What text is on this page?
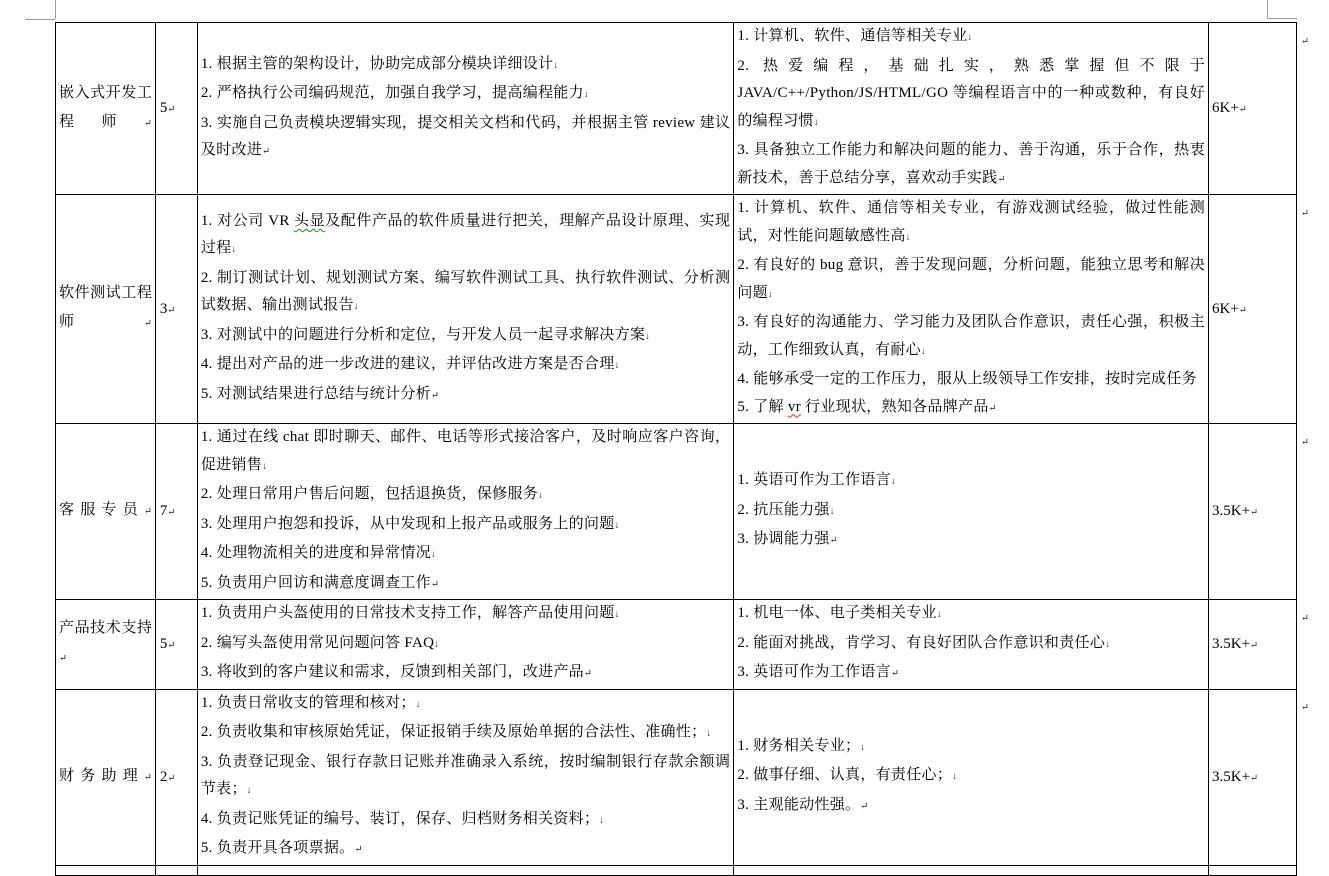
嵌入式开发工程师↵

5↵

1. 根据主管的架构设计，协助完成部分模块详细设计↓
2. 严格执行公司编码规范，加强自我学习，提高编程能力↓
3. 实施自己负责模块逻辑实现，提交相关文档和代码，并根据主管 review 建议及时改进↵

1. 计算机、软件、通信等相关专业↓
2. 热爱编程，基础扎实，熟悉掌握但不限于 JAVA/C++/Python/JS/HTML/GO 等编程语言中的一种或数种，有良好的编程习惯↓
3. 具备独立工作能力和解决问题的能力、善于沟通，乐于合作，热衷新技术，善于总结分享，喜欢动手实践↵

6K+↵

↵

软件测试工程师↵

3↵

1. 对公司 VR 头显及配件产品的软件质量进行把关，理解产品设计原理、实现过程↓
2. 制订测试计划、规划测试方案、编写软件测试工具、执行软件测试、分析测试数据、输出测试报告↓
3. 对测试中的问题进行分析和定位，与开发人员一起寻求解决方案↓
4. 提出对产品的进一步改进的建议，并评估改进方案是否合理↓
5. 对测试结果进行总结与统计分析↵

1. 计算机、软件、通信等相关专业，有游戏测试经验，做过性能测试，对性能问题敏感性高↓
2. 有良好的 bug 意识，善于发现问题，分析问题，能独立思考和解决问题↓
3. 有良好的沟通能力、学习能力及团队合作意识，责任心强，积极主动，工作细致认真，有耐心↓
4. 能够承受一定的工作压力，服从上级领导工作安排，按时完成任务
5. 了解 vr 行业现状，熟知各品牌产品↵

6K+↵

↵

客服专员↵	7↵

1. 通过在线 chat 即时聊天、邮件、电话等形式接洽客户，及时响应客户咨询，促进销售↓
2. 处理日常用户售后问题，包括退换货，保修服务↓
3. 处理用户抱怨和投诉，从中发现和上报产品或服务上的问题↓
4. 处理物流相关的进度和异常情况↓
5. 负责用户回访和满意度调查工作↵

1. 英语可作为工作语言↓
2. 抗压能力强↓
3. 协调能力强↵

3.5K+↵

↵

产品技术支持↵

5↵

1. 负责用户头盔使用的日常技术支持工作，解答产品使用问题↓
2. 编写头盔使用常见问题问答 FAQ↓
3. 将收到的客户建议和需求，反馈到相关部门，改进产品↵

1. 机电一体、电子类相关专业↓
2. 能面对挑战，肯学习、有良好团队合作意识和责任心↓
3. 英语可作为工作语言↵

3.5K+↵

↵

财务助理↵	2↵

1. 负责日常收支的管理和核对；↓
2. 负责收集和审核原始凭证，保证报销手续及原始单据的合法性、准确性；↓
3. 负责登记现金、银行存款日记账并准确录入系统，按时编制银行存款余额调节表；↓
4. 负责记账凭证的编号、装订，保存、归档财务相关资料；↓
5. 负责开具各项票据。↵

1. 财务相关专业；↓
2. 做事仔细、认真，有责任心；↓
3. 主观能动性强。↵

3.5K+↵

↵
